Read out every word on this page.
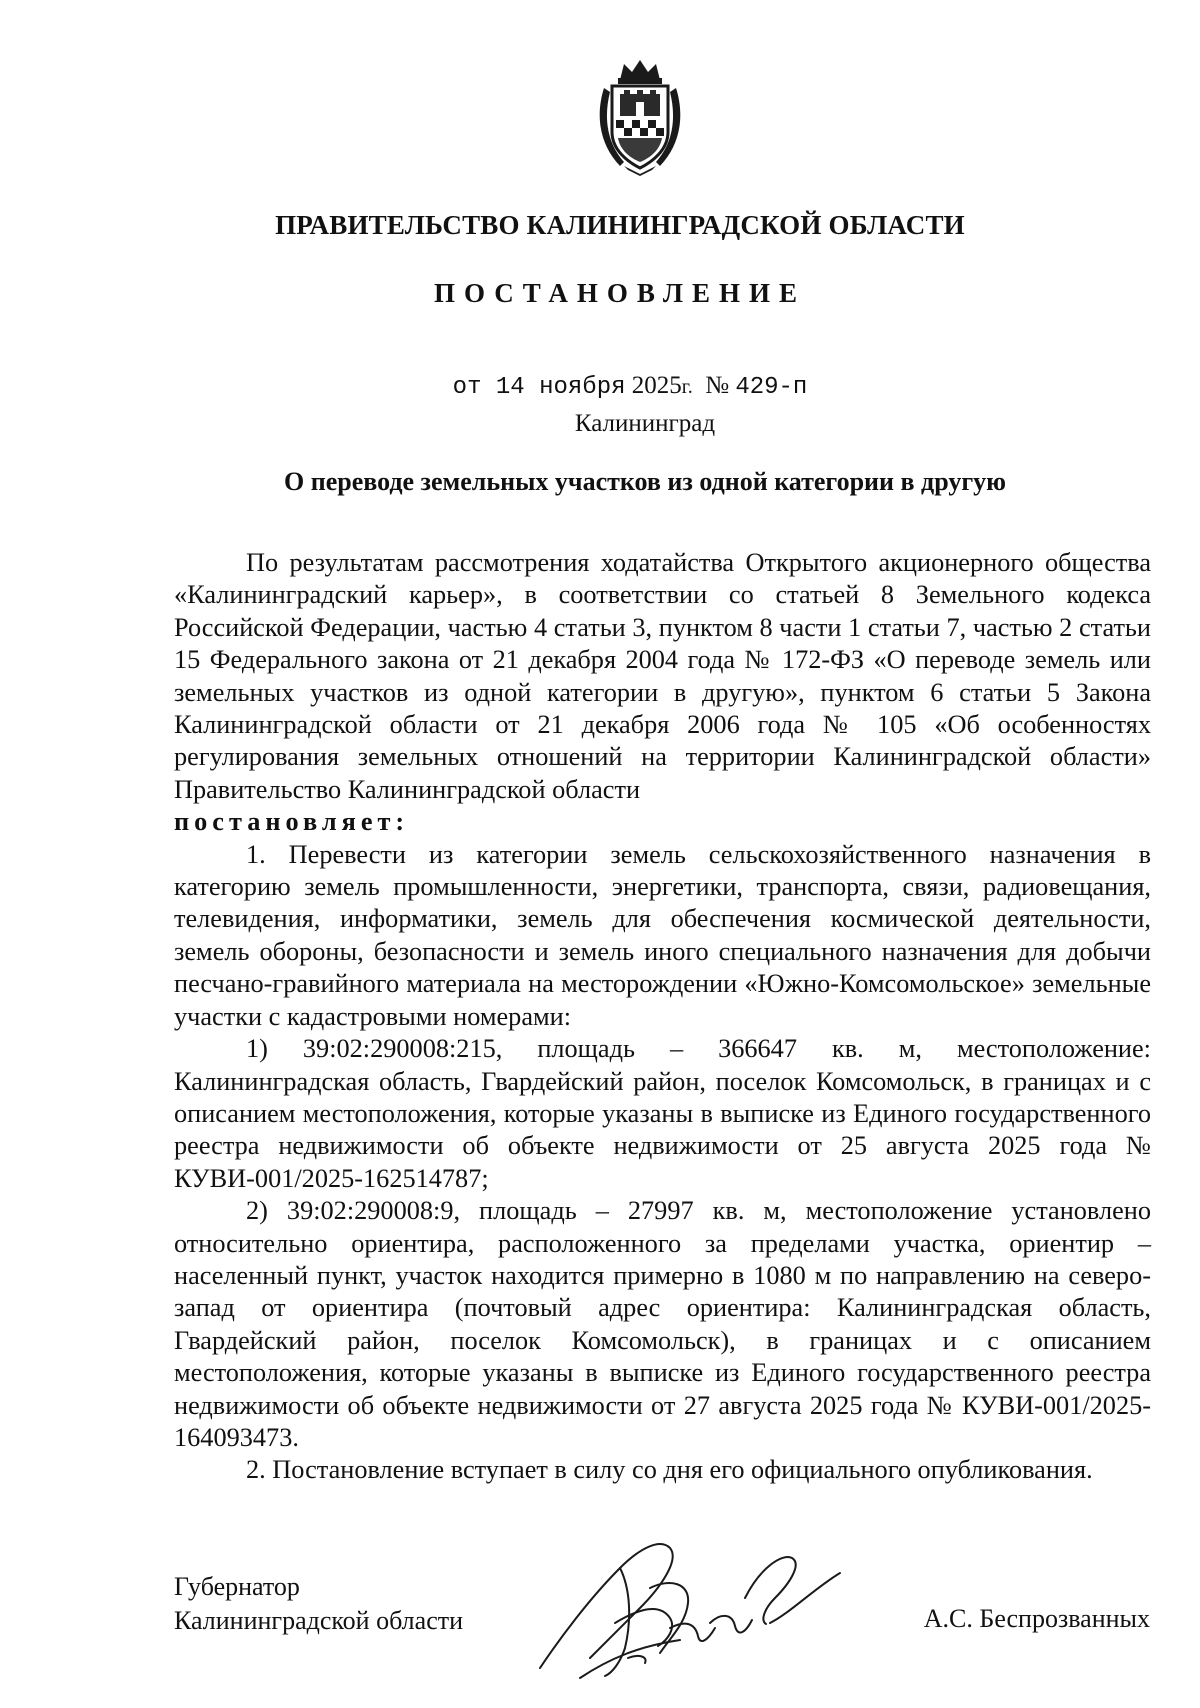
ПРАВИТЕЛЬСТВО КАЛИНИНГРАДСКОЙ ОБЛАСТИ
ПОСТАНОВЛЕНИЕ
от 14 ноября 2025г. № 429-п
Калининград
О переводе земельных участков из одной категории в другую

По результатам рассмотрения ходатайства Открытого акционерного общества «Калининградский карьер», в соответствии со статьей 8 Земельного кодекса Российской Федерации, частью 4 статьи 3, пунктом 8 части 1 статьи 7, частью 2 статьи 15 Федерального закона от 21 декабря 2004 года № 172-ФЗ «О переводе земель или земельных участков из одной категории в другую», пунктом 6 статьи 5 Закона Калининградской области от 21 декабря 2006 года № 105 «Об особенностях регулирования земельных отношений на территории Калининградской области» Правительство Калининградской области

постановляет:

1. Перевести из категории земель сельскохозяйственного назначения в категорию земель промышленности, энергетики, транспорта, связи, радиовещания, телевидения, информатики, земель для обеспечения космической деятельности, земель обороны, безопасности и земель иного специального назначения для добычи песчано-гравийного материала на месторождении «Южно-Комсомольское» земельные участки с кадастровыми номерами:

1) 39:02:290008:215, площадь – 366647 кв. м, местоположение: Калининградская область, Гвардейский район, поселок Комсомольск, в границах и с описанием местоположения, которые указаны в выписке из Единого государственного реестра недвижимости об объекте недвижимости от 25 августа 2025 года № КУВИ-001/2025-162514787;

2) 39:02:290008:9, площадь – 27997 кв. м, местоположение установлено относительно ориентира, расположенного за пределами участка, ориентир – населенный пункт, участок находится примерно в 1080 м по направлению на северо-запад от ориентира (почтовый адрес ориентира: Калининградская область, Гвардейский район, поселок Комсомольск), в границах и с описанием местоположения, которые указаны в выписке из Единого государственного реестра недвижимости об объекте недвижимости от 27 августа 2025 года № КУВИ-001/2025-164093473.

2. Постановление вступает в силу со дня его официального опубликования.

Губернатор
Калининградской области	А.С. Беспрозванных
